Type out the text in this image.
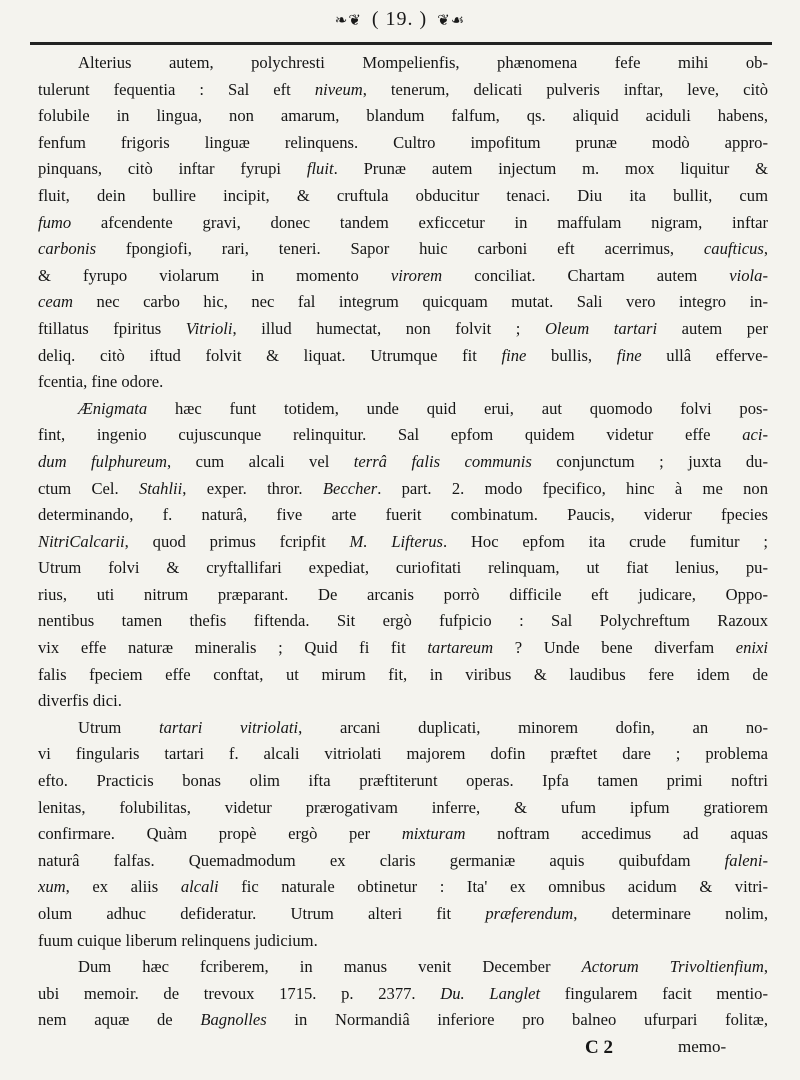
❧❦ ( 19. ) ❦☙
Alterius autem, polychresti Mompelienfis, phænomena fefe mihi ob-
tulerunt fequentia : Sal eft niveum, tenerum, delicati pulveris inftar, leve, citò
folubile in lingua, non amarum, blandum falfum, qs. aliquid aciduli habens,
fenfum frigoris linguæ relinquens. Cultro impofitum prunæ modò appro-
pinquans, citò inftar fyrupi fluit. Prunæ autem injectum m. mox liquitur &
fluit, dein bullire incipit, & cruftula obducitur tenaci. Diu ita bullit, cum
fumo afcendente gravi, donec tandem exficcetur in maffulam nigram, inftar
carbonis fpongiofi, rari, teneri. Sapor huic carboni eft acerrimus, caufticus,
& fyrupo violarum in momento virorem conciliat. Chartam autem viola-
ceam nec carbo hic, nec fal integrum quicquam mutat. Sali vero integro in-
ftillatus fpiritus Vitrioli, illud humectat, non folvit ; Oleum tartari autem per
deliq. citò iftud folvit & liquat. Utrumque fit fine bullis, fine ullâ efferve-
fcentia, fine odore.
Ænigmata hæc funt totidem, unde quid erui, aut quomodo folvi pos-
fint, ingenio cujuscunque relinquitur. Sal epfom quidem videtur effe aci-
dum fulphureum, cum alcali vel terrâ falis communis conjunctum ; juxta du-
ctum Cel. Stahlii, exper. thror. Beccher. part. 2. modo fpecifico, hinc à me non
determinando, f. naturâ, five arte fuerit combinatum. Paucis, viderur fpecies
NitriCalcarii, quod primus fcripfit M. Lifterus. Hoc epfom ita crude fumitur ;
Utrum folvi & cryftallifari expediat, curiofitati relinquam, ut fiat lenius, pu-
rius, uti nitrum præparant. De arcanis porrò difficile eft judicare, Oppo-
nentibus tamen thefis fiftenda. Sit ergò fufpicio : Sal Polychreftum Razoux
vix effe naturæ mineralis ; Quid fi fit tartareum ? Unde bene diverfam enixi
falis fpeciem effe conftat, ut mirum fit, in viribus & laudibus fere idem de
diverfis dici.
Utrum tartari vitriolati, arcani duplicati, minorem dofin, an no-
vi fingularis tartari f. alcali vitriolati majorem dofin præftet dare ; problema
efto. Practicis bonas olim ifta præftiterunt operas. Ipfa tamen primi noftri
lenitas, folubilitas, videtur prærogativam inferre, & ufum ipfum gratiorem
confirmare. Quàm propè ergò per mixturam noftram accedimus ad aquas
naturâ falfas. Quemadmodum ex claris germaniæ aquis quibufdam faleni-
xum, ex aliis alcali fic naturale obtinetur : Ita' ex omnibus acidum & vitri-
olum adhuc defideratur. Utrum alteri fit præferendum, determinare nolim,
fuum cuique liberum relinquens judicium.
Dum hæc fcriberem, in manus venit December Actorum Trivoltienfium,
ubi memoir. de trevoux 1715. p. 2377. Du. Langlet fingularem facit mentio-
nem aquæ de Bagnolles in Normandiâ inferiore pro balneo ufurpari folitæ,
C 2	memo-
